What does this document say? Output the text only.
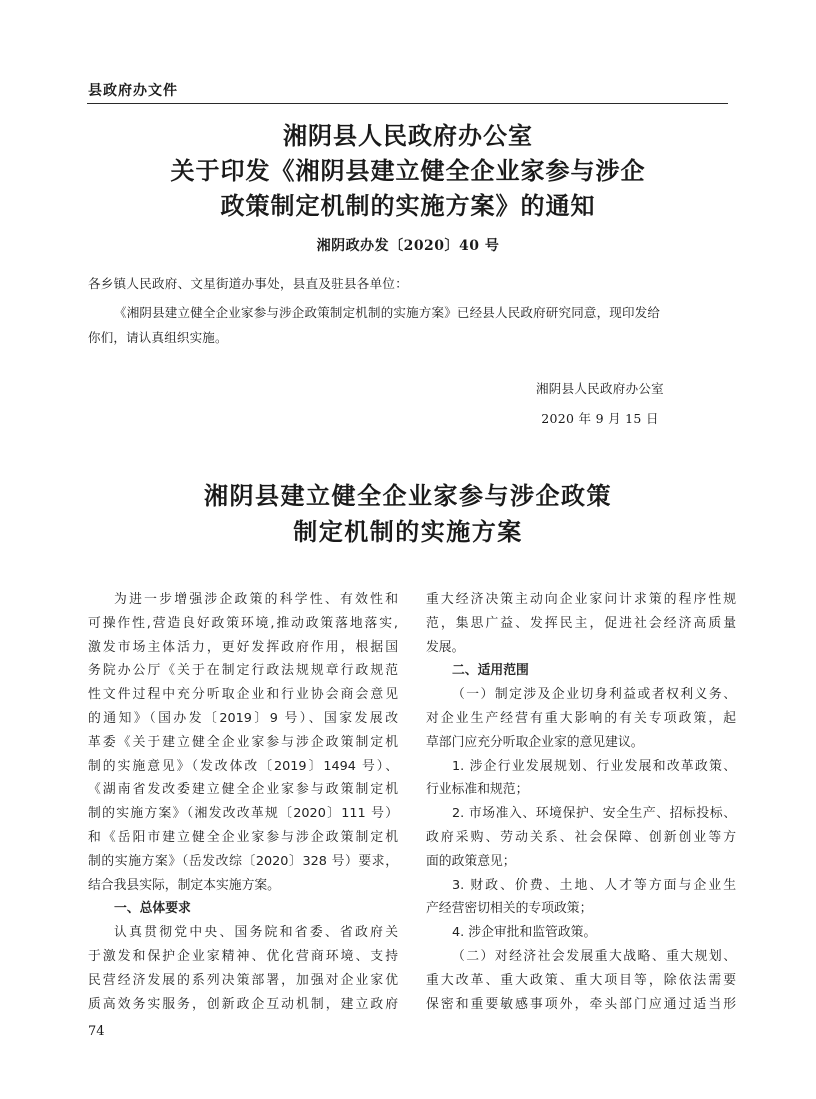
县政府办文件
湘阴县人民政府办公室
关于印发《湘阴县建立健全企业家参与涉企
政策制定机制的实施方案》的通知
湘阴政办发〔2020〕40 号
各乡镇人民政府、文星街道办事处，县直及驻县各单位：
《湘阴县建立健全企业家参与涉企政策制定机制的实施方案》已经县人民政府研究同意，现印发给
你们，请认真组织实施。
湘阴县人民政府办公室
2020 年 9 月 15 日
湘阴县建立健全企业家参与涉企政策
制定机制的实施方案
为进一步增强涉企政策的科学性、有效性和
可操作性,营造良好政策环境,推动政策落地落实,
激发市场主体活力，更好发挥政府作用，根据国
务院办公厅《关于在制定行政法规规章行政规范
性文件过程中充分听取企业和行业协会商会意见
的通知》（国办发〔2019〕9 号）、国家发展改
革委《关于建立健全企业家参与涉企政策制定机
制的实施意见》（发改体改〔2019〕1494 号）、
《湖南省发改委建立健全企业家参与政策制定机
制的实施方案》（湘发改改革规〔2020〕111 号）
和《岳阳市建立健全企业家参与涉企政策制定机
制的实施方案》（岳发改综〔2020〕328 号）要求，
结合我县实际，制定本实施方案。
一、总体要求
认真贯彻党中央、国务院和省委、省政府关
于激发和保护企业家精神、优化营商环境、支持
民营经济发展的系列决策部署，加强对企业家优
质高效务实服务，创新政企互动机制，建立政府
重大经济决策主动向企业家问计求策的程序性规
范，集思广益、发挥民主，促进社会经济高质量
发展。
二、适用范围
（一）制定涉及企业切身利益或者权利义务、
对企业生产经营有重大影响的有关专项政策，起
草部门应充分听取企业家的意见建议。
1. 涉企行业发展规划、行业发展和改革政策、
行业标准和规范；
2. 市场准入、环境保护、安全生产、招标投标、
政府采购、劳动关系、社会保障、创新创业等方
面的政策意见；
3. 财政、价费、土地、人才等方面与企业生
产经营密切相关的专项政策；
4. 涉企审批和监管政策。
（二）对经济社会发展重大战略、重大规划、
重大改革、重大政策、重大项目等，除依法需要
保密和重要敏感事项外，牵头部门应通过适当形
74
